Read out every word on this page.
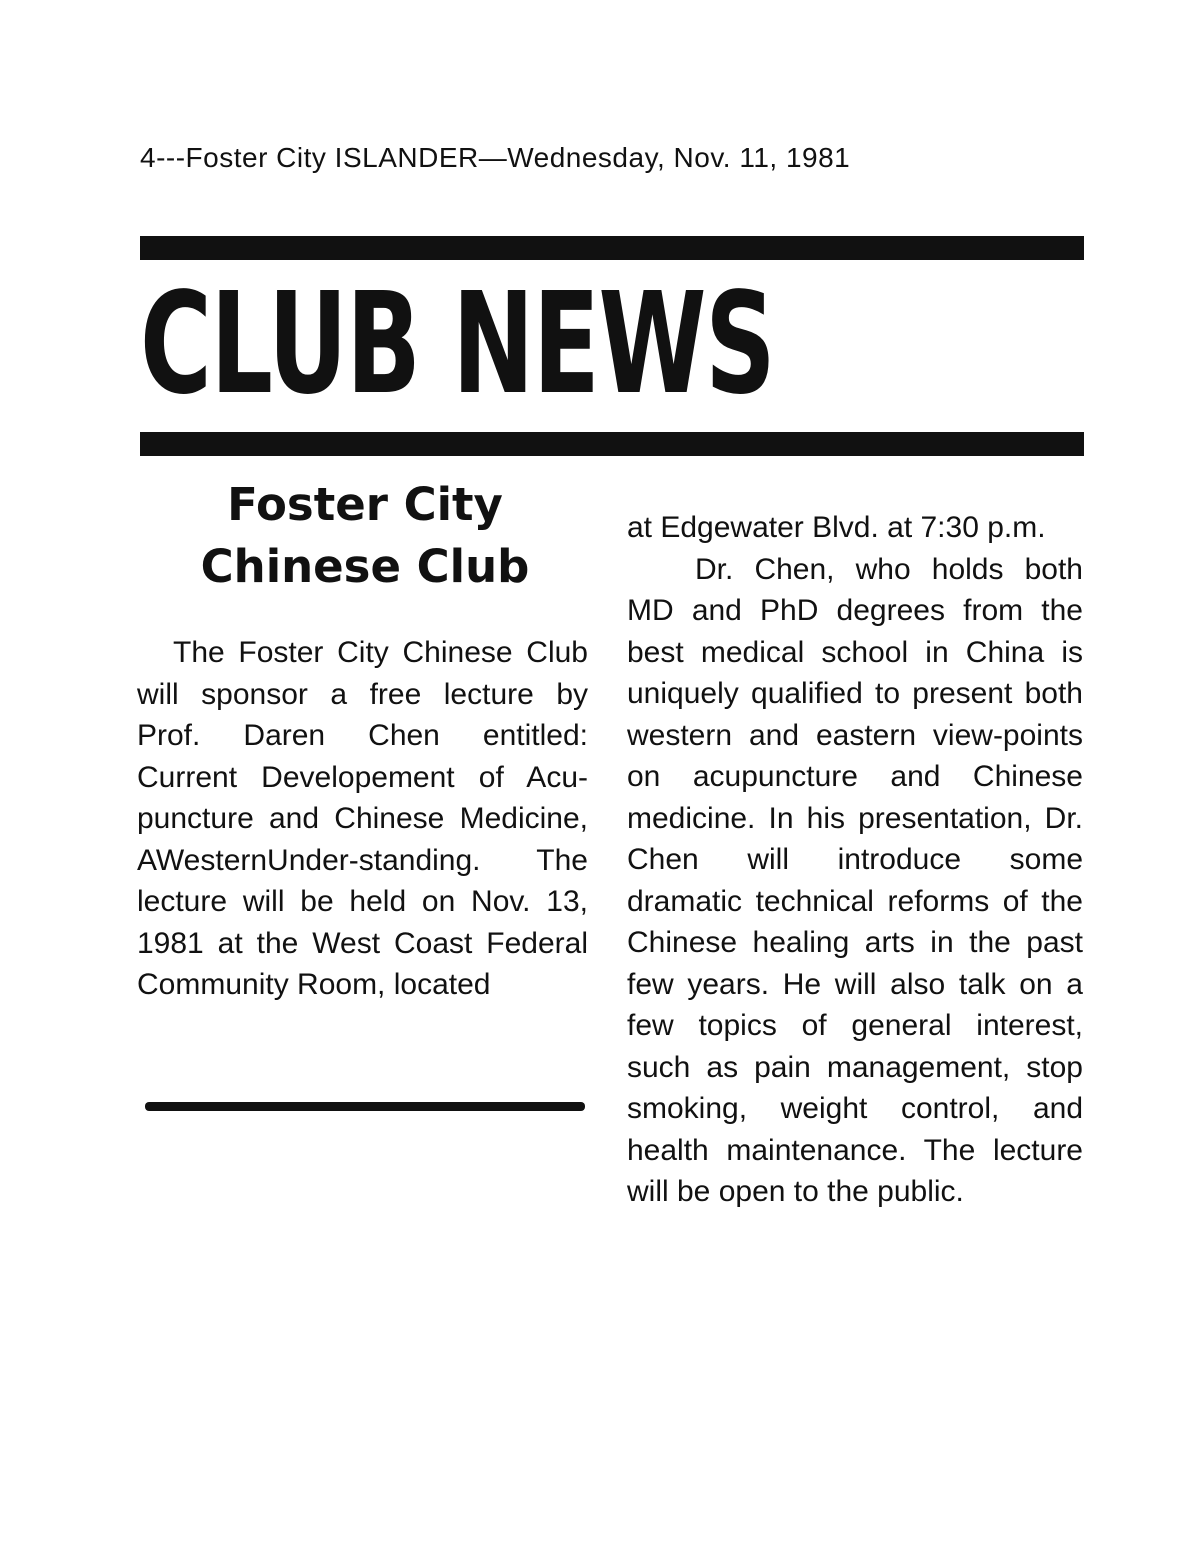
4---Foster City ISLANDER—Wednesday, Nov. 11, 1981
CLUB NEWS
Foster City
Chinese Club

The Foster City Chinese Club will sponsor a free lecture by Prof. Daren Chen entitled: Current Developement of Acu-puncture and Chinese Medicine, AWesternUnder-standing. The lecture will be held on Nov. 13, 1981 at the West Coast Federal Community Room, located

at Edgewater Blvd. at 7:30 p.m.

Dr. Chen, who holds both MD and PhD degrees from the best medical school in China is uniquely qualified to present both western and eastern view-points on acupuncture and Chinese medicine. In his presentation, Dr. Chen will introduce some dramatic technical reforms of the Chinese healing arts in the past few years. He will also talk on a few topics of general interest, such as pain management, stop smoking, weight control, and health maintenance. The lecture will be open to the public.
